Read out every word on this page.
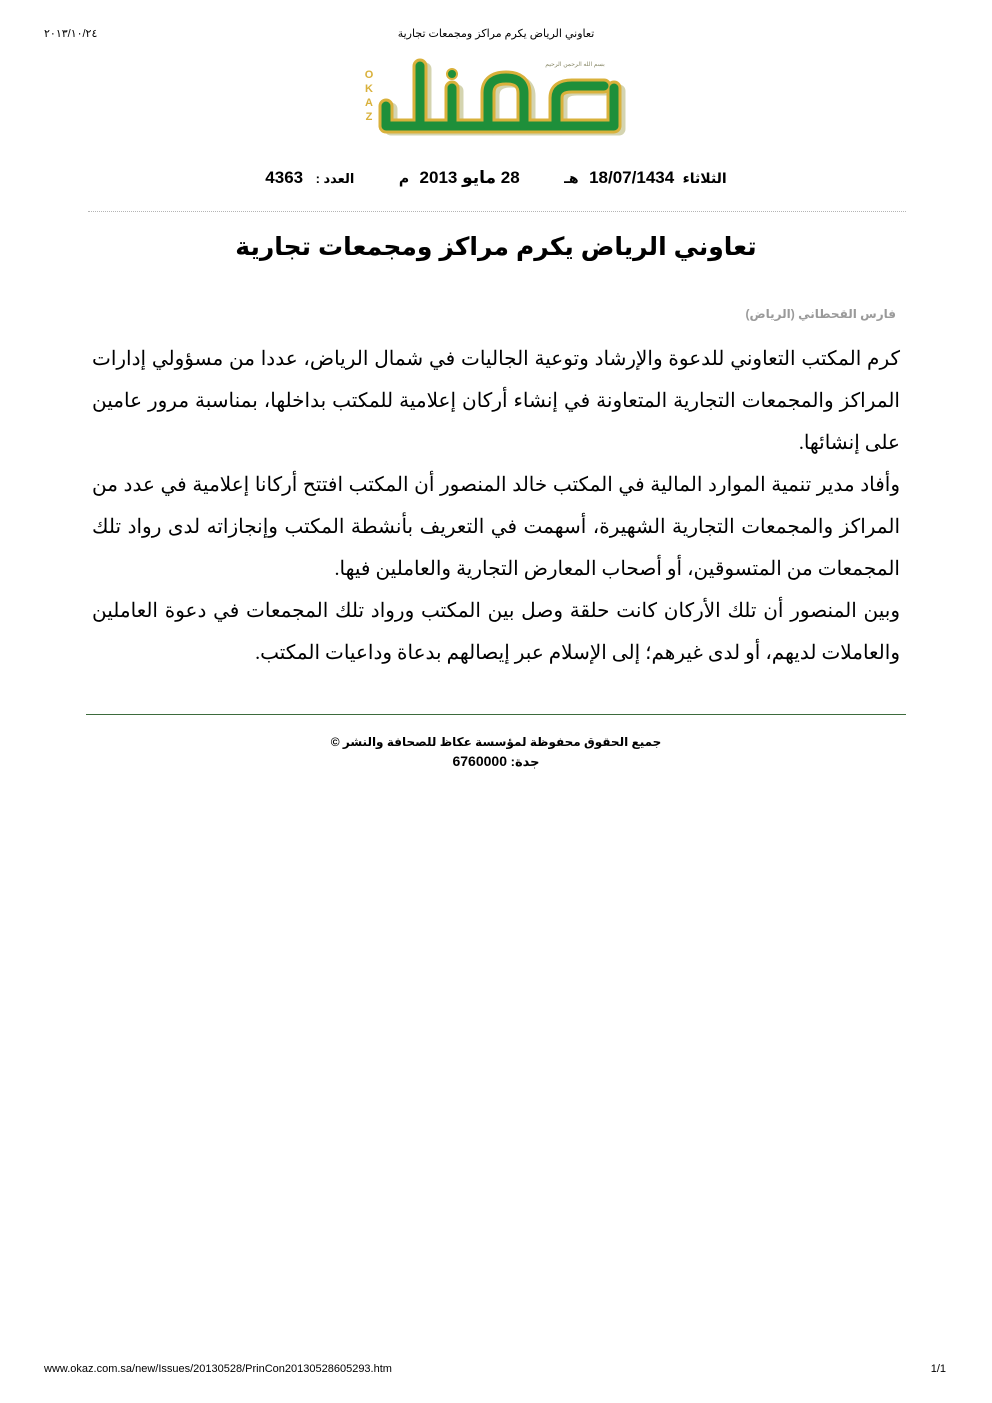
٢٠١٣/١٠/٢٤	تعاوني الرياض يكرم مراكز ومجمعات تجارية
O
K
A
Z
بسم الله الرحمن الرحيم
الثلاثاء 18/07/1434 هـ 28 مايو 2013 م العدد : 4363
تعاوني الرياض يكرم مراكز ومجمعات تجارية
فارس القحطاني (الرياض)

كرم المكتب التعاوني للدعوة والإرشاد وتوعية الجاليات في شمال الرياض، عددا من مسؤولي إدارات المراكز والمجمعات التجارية المتعاونة في إنشاء أركان إعلامية للمكتب بداخلها، بمناسبة مرور عامين على إنشائها.

وأفاد مدير تنمية الموارد المالية في المكتب خالد المنصور أن المكتب افتتح أركانا إعلامية في عدد من المراكز والمجمعات التجارية الشهيرة، أسهمت في التعريف بأنشطة المكتب وإنجازاته لدى رواد تلك المجمعات من المتسوقين، أو أصحاب المعارض التجارية والعاملين فيها.

وبين المنصور أن تلك الأركان كانت حلقة وصل بين المكتب ورواد تلك المجمعات في دعوة العاملين والعاملات لديهم، أو لدى غيرهم؛ إلى الإسلام عبر إيصالهم بدعاة وداعيات المكتب.

جميع الحقوق محفوظة لمؤسسة عكاظ للصحافة والنشر ©
جدة: 6760000
www.okaz.com.sa/new/Issues/20130528/PrinCon20130528605293.htm	1/1
